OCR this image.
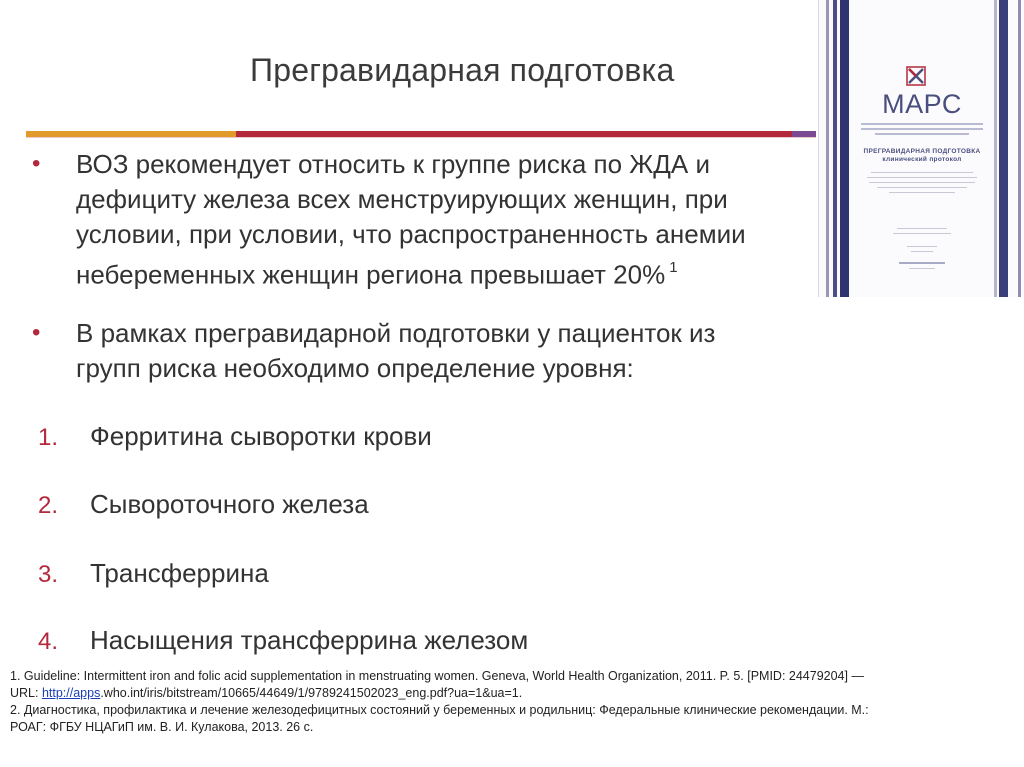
Прегравидарная подготовка
•	ВОЗ рекомендует относить к группе риска по ЖДА и
дефициту железа всех менструирующих женщин, при
условии, при условии, что распространенность анемии
небеременных женщин региона превышает 20% $^1$
•	В рамках прегравидарной подготовки у пациенток из
групп риска необходимо определение уровня:
1.	Ферритина сыворотки крови
2.	Сывороточного железа
3.	Трансферрина
4.	Насыщения трансферрина железом
1. Guideline: Intermittent iron and folic acid supplementation in menstruating women. Geneva, World Health Organization, 2011. P. 5. [PMID: 24479204] —
URL: http://apps.who.int/iris/bitstream/10665/44649/1/9789241502023_eng.pdf?ua=1&ua=1.
2. Диагностика, профилактика и лечение железодефицитных состояний у беременных и родильниц: Федеральные клинические рекомендации. М.:
РОАГ: ФГБУ НЦАГиП им. В. И. Кулакова, 2013. 26 с.
МАРС
ПРЕГРАВИДАРНАЯ ПОДГОТОВКА
клинический протокол
